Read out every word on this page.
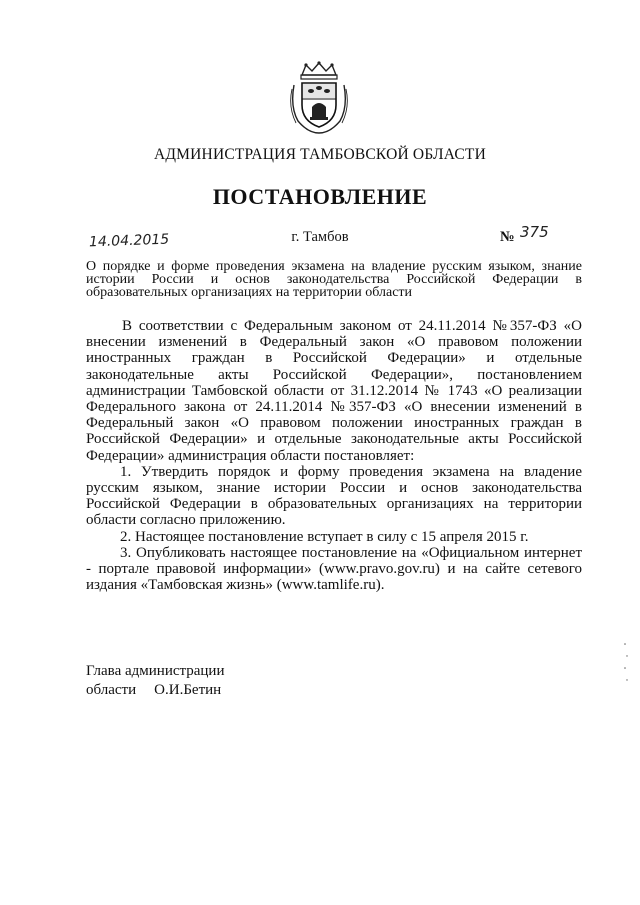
АДМИНИСТРАЦИЯ ТАМБОВСКОЙ ОБЛАСТИ
ПОСТАНОВЛЕНИЕ
14.04.2015	г. Тамбов	№ 375
О порядке и форме проведения экзамена на владение русским языком, знание истории России и основ законодательства Российской Федерации в образовательных организациях на территории области

В соответствии с Федеральным законом от 24.11.2014 №357-ФЗ «О внесении изменений в Федеральный закон «О правовом положении иностранных граждан в Российской Федерации» и отдельные законодательные акты Российской Федерации», постановлением администрации Тамбовской области от 31.12.2014 № 1743 «О реализации Федерального закона от 24.11.2014 №357-ФЗ «О внесении изменений в Федеральный закон «О правовом положении иностранных граждан в Российской Федерации» и отдельные законодательные акты Российской Федерации» администрация области постановляет:

1. Утвердить порядок и форму проведения экзамена на владение русским языком, знание истории России и основ законодательства Российской Федерации в образовательных организациях на территории области согласно приложению.

2. Настоящее постановление вступает в силу с 15 апреля 2015 г.

3. Опубликовать настоящее постановление на «Официальном интернет - портале правовой информации» (www.pravo.gov.ru) и на сайте сетевого издания «Тамбовская жизнь» (www.tamlife.ru).

Глава администрации
области О.И.Бетин
